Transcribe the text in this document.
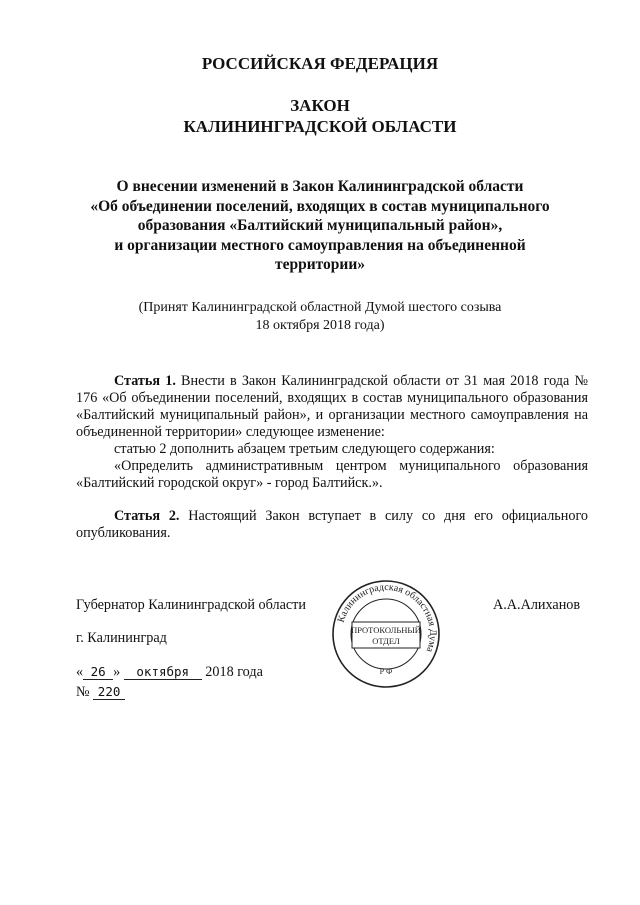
РОССИЙСКАЯ ФЕДЕРАЦИЯ
ЗАКОН
КАЛИНИНГРАДСКОЙ ОБЛАСТИ
О внесении изменений в Закон Калининградской области
«Об объединении поселений, входящих в состав муниципального
образования «Балтийский муниципальный район»,
и организации местного самоуправления на объединенной
территории»
(Принят Калининградской областной Думой шестого созыва
18 октября 2018 года)

Статья 1. Внести в Закон Калининградской области от 31 мая 2018 года № 176 «Об объединении поселений, входящих в состав муниципального образования «Балтийский муниципальный район», и организации местного самоуправления на объединенной территории» следующее изменение:

статью 2 дополнить абзацем третьим следующего содержания:

«Определить административным центром муниципального образования «Балтийский городской округ» - город Балтийск.».

Статья 2. Настоящий Закон вступает в силу со дня его официального опубликования.

Губернатор Калининградской области	А.А.Алиханов
г. Калининград
« 26 » октября 2018 года
№ 220
Калининградская областная Дума
ПРОТОКОЛЬНЫЙ
ОТДЕЛ
Р Ф
